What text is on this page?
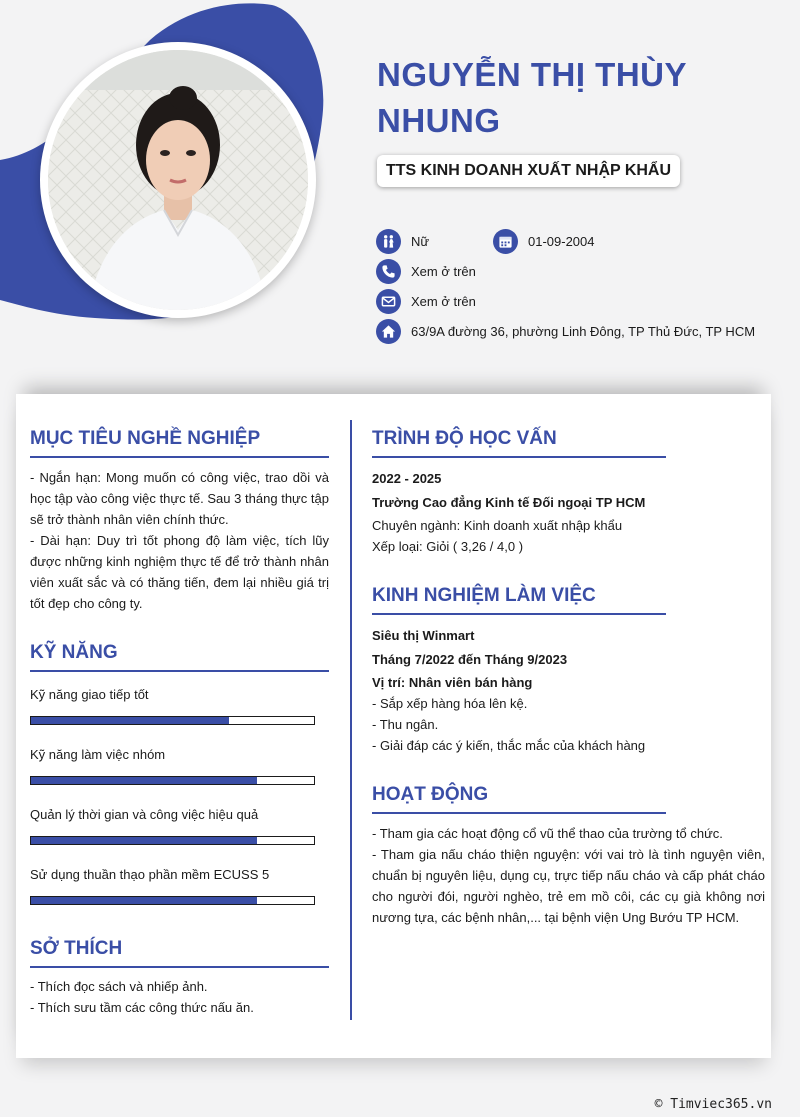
NGUYỄN THỊ THÙY NHUNG
TTS KINH DOANH XUẤT NHẬP KHẨU
Nữ	01-09-2004
Xem ở trên
Xem ở trên
63/9A đường 36, phường Linh Đông, TP Thủ Đức, TP HCM
MỤC TIÊU NGHỀ NGHIỆP

- Ngắn hạn: Mong muốn có công việc, trao dồi và học tập vào công việc thực tế. Sau 3 tháng thực tập sẽ trở thành nhân viên chính thức.

- Dài hạn: Duy trì tốt phong độ làm việc, tích lũy được những kinh nghiệm thực tế để trở thành nhân viên xuất sắc và có thăng tiến, đem lại nhiều giá trị tốt đẹp cho công ty.

KỸ NĂNG
Kỹ năng giao tiếp tốt
Kỹ năng làm việc nhóm
Quản lý thời gian và công việc hiệu quả
Sử dụng thuần thạo phần mềm ECUSS 5
SỞ THÍCH
- Thích đọc sách và nhiếp ảnh.
- Thích sưu tầm các công thức nấu ăn.
TRÌNH ĐỘ HỌC VẤN
2022 - 2025
Trường Cao đẳng Kinh tế Đối ngoại TP HCM
Chuyên ngành: Kinh doanh xuất nhập khẩu
Xếp loại: Giỏi ( 3,26 / 4,0 )
KINH NGHIỆM LÀM VIỆC
Siêu thị Winmart
Tháng 7/2022 đến Tháng 9/2023
Vị trí: Nhân viên bán hàng
- Sắp xếp hàng hóa lên kệ.
- Thu ngân.
- Giải đáp các ý kiến, thắc mắc của khách hàng
HOẠT ĐỘNG

- Tham gia các hoạt động cổ vũ thể thao của trường tổ chức.

- Tham gia nấu cháo thiện nguyện: với vai trò là tình nguyện viên, chuẩn bị nguyên liệu, dụng cụ, trực tiếp nấu cháo và cấp phát cháo cho người đói, người nghèo, trẻ em mồ côi, các cụ già không nơi nương tựa, các bệnh nhân,... tại bệnh viện Ung Bướu TP HCM.

© Timviec365.vn
